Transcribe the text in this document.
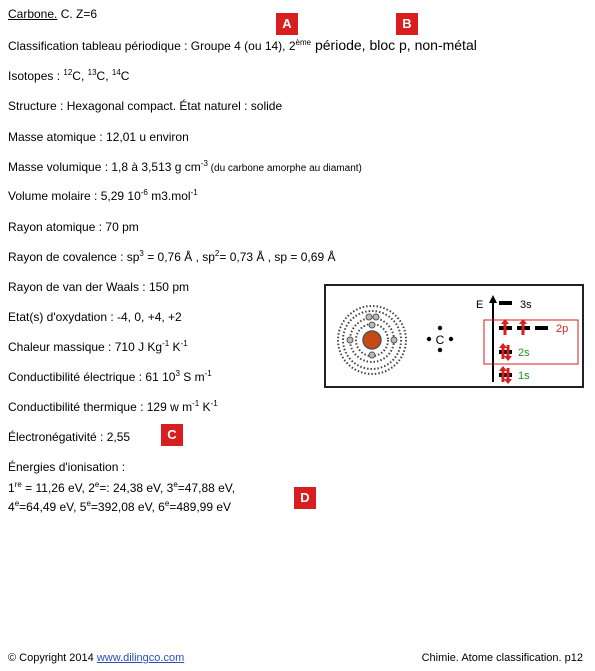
Carbone. C. Z=6
A	B
Classification tableau périodique : Groupe 4 (ou 14), 2ème période, bloc p, non-métal
Isotopes : $^{12}$C, $^{13}$C, $^{14}$C
Structure : Hexagonal compact. État naturel : solide
Masse atomique : 12,01 u environ
Masse volumique : 1,8 à 3,513 g $cm^{-3}$ (du carbone amorphe au diamant)
Volume molaire : 5,29 $10^{-6}$ m3.mol$^{-1}$
Rayon atomique : 70 pm
Rayon de covalence : $sp^3 = 0,76$ Å , $sp^2= 0,73$ Å , sp = 0,69 Å
Rayon de van der Waals : 150 pm
Etat(s) d'oxydation : -4, 0, +4, +2
Chaleur massique : 710 J $Kg^{-1}$ $K^{-1}$
Conductibilité électrique : 61 $10^3$ S $m^{-1}$
Conductibilité thermique : 129 w $m^{-1}$ $K^{-1}$
Électronégativité : 2,55	C
Énergies d'ionisation :
1re = 11,26 eV, $2^e=$: 24,38 eV, $3^e=47,88$ eV,
$4^e=64,49$ eV, $5^e=392,08$ eV, $6^e=489,99$ eV
D
C
E	3s
2p
2s
1s
© Copyright 2014 www.dilingco.com	Chimie. Atome classification. p12
